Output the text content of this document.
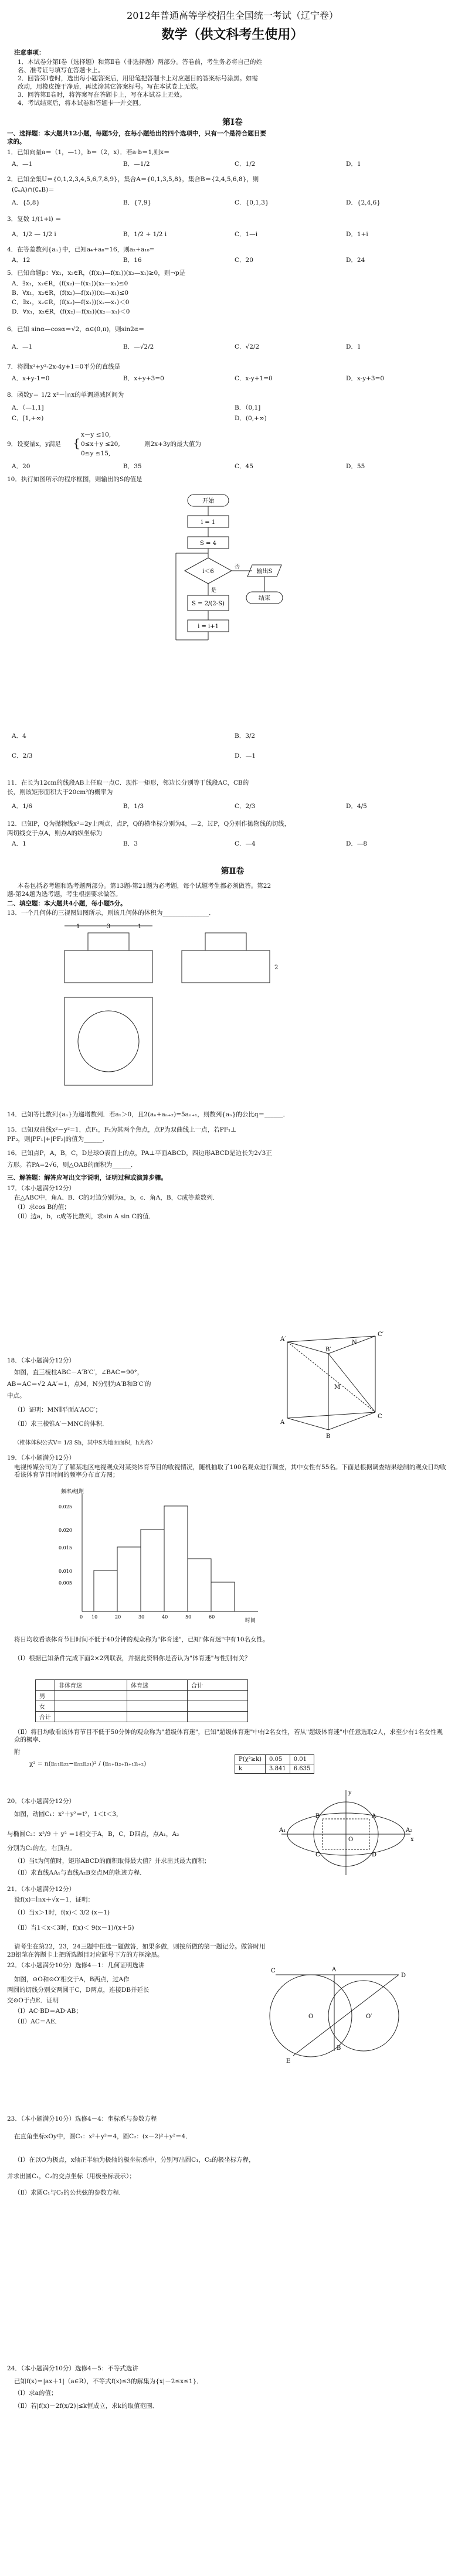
2012年普通高等学校招生全国统一考试（辽宁卷）
数学（供文科考生使用）
注意事项：
1．本试卷分第Ⅰ卷（选择题）和第Ⅱ卷（非选择题）两部分。答卷前，考生务必将自己的姓
名、准考证号填写在答题卡上。
2．回答第Ⅰ卷时，选出每小题答案后，用铅笔把答题卡上对应题目的答案标号涂黑。如需
改动，用橡皮擦干净后，再选涂其它答案标号。写在本试卷上无效。
3．回答第Ⅱ卷时，将答案写在答题卡上，写在本试卷上无效。
4．考试结束后，将本试卷和答题卡一并交回。
第Ⅰ卷
一、选择题：本大题共12小题，每题5分，在每小题给出的四个选项中，只有一个是符合题目要
求的。
1．已知向量a＝（1，—1），b＝（2，x）．若a·b＝1,则x＝
A．—1	B．—1/2	C．1/2	D．1
2．已知全集U＝{0,1,2,3,4,5,6,7,8,9}，集合A＝{0,1,3,5,8}，集合B＝{2,4,5,6,8}，则
(∁ᵤA)∩(∁ᵤB)＝
A．{5,8}	B．{7,9}	C．{0,1,3}	D．{2,4,6}
3．复数 1/(1+i) ＝
A．1/2 — 1/2 i	B．1/2 + 1/2 i	C．1—i	D．1+i
4．在等差数列{aₙ}中，已知a₄+a₈=16，则a₂+a₁₀=
A．12	B．16	C．20	D．24
5．已知命题p：∀x₁，x₂∈R，(f(x₂)—f(x₁))(x₂—x₁)≥0，则¬p是
A．∃x₁，x₂∈R，(f(x₂)—f(x₁))(x₂—x₁)≤0
B．∀x₁，x₂∈R，(f(x₂)—f(x₁))(x₂—x₁)≤0
C．∃x₁，x₂∈R，(f(x₂)—f(x₁))(x₂—x₁)＜0
D．∀x₁，x₂∈R，(f(x₂)—f(x₁))(x₂—x₁)＜0
6．已知 sinα—cosα＝√2，α∈(0,π)，则sin2α＝
A．—1	B．—√2/2	C．√2/2	D．1
7．将圆x²+y²-2x-4y+1=0平分的直线是
A．x+y-1=0	B．x+y+3=0	C．x-y+1=0	D．x-y+3=0
8．函数y＝ 1/2 x²－㏑x的单调递减区间为
A．（—1,1]	B．（0,1]
C．[1,+∞)	D．(0,+∞)
9．设变量x，y满足 {
x－y ≤10,
0≤x＋y ≤20,
0≤y ≤15,
则2x+3y的最大值为
A．20	B．35	C．45	D．55
10．执行如图所示的程序框图，则输出的S的值是
开始
i = 1
S = 4
i＜6
是
否
S = 2/(2-S)
i = i+1
输出S
结束
A．4	B．3/2
C．2/3	D．—1
11．在长为12cm的线段AB上任取一点C．现作一矩形，邻边长分别等于线段AC，CB的
长，则该矩形面积大于20cm²的概率为
A．1/6	B．1/3	C．2/3	D．4/5
12．已知P，Q为抛物线x²=2y上两点，点P，Q的横坐标分别为4，—2，过P，Q分别作抛物线的切线，
两切线交于点A，则点A的纵坐标为
A．1	B．3	C．—4	D．—8
第Ⅱ卷
本卷包括必考题和选考题两部分。第13题-第21题为必考题，每个试题考生都必须做答。第22
题-第24题为选考题，考生根据要求做答。
二、填空题：本大题共4小题，每小题5分。
13．一个几何体的三视图如图所示，则该几何体的体积为_______________．
3
1	1
2
14．已知等比数列{aₙ}为递增数列．若a₁＞0，且2(aₙ+aₙ₊₂)=5aₙ₊₁，则数列{aₙ}的公比q＝______．
15．已知双曲线x²－y²=1，点F₁，F₂为其两个焦点，点P为双曲线上一点，若PF₁⊥
PF₂，则|PF₁|+|PF₂|的值为______．
16．已知点P，A，B，C，D是球O表面上的点，PA⊥平面ABCD，四边形ABCD是边长为2√3正
方形。若PA=2√6，则△OAB的面积为______．
三、解答题：解答应写出文字说明，证明过程或演算步骤。
17．（本小题满分12分）
在△ABC中，角A、B、C的对边分别为a，b，c．角A，B，C成等差数列．
（Ⅰ）求cos B的值；
（Ⅱ）边a，b，c成等比数列，求sin A sin C的值．
18．（本小题满分12分）
如图，直三棱柱ABC－A′B′C′，∠BAC＝90°，
AB＝AC＝√2 AA′＝1，点M，N分别为A′B和B′C′的
中点。
（Ⅰ）证明：MN∥平面A′ACC′；
（Ⅱ）求三棱锥A′－MNC的体积．
（椎体体积公式V= 1/3 Sh，其中S为地面面积，h为高）
A′
B′
C′
N
M
A
B
C
19．（本小题满分12分）
电视传媒公司为了了解某地区电视观众对某类体育节目的收视情况，随机抽取了100名观众进行调查，其中女性有55名。下面是根据调查结果绘制的观众日均收看该体育节目时间的频率分布直方图；
频率/组距
时间
0.025
0.020
0.015
0.010
0.005
0 10	20	30	40	50	60
将日均收看该体育节目时间不低于40分钟的观众称为"体育迷"，已知"体育迷"中有10名女性。
（Ⅰ）根据已知条件完成下面2×2列联表，并据此资料你是否认为"体育迷"与性别有关？
	非体育迷	体育迷	合计
男			
女			
合计			
（Ⅱ）将日均收看该体育节目不低于50分钟的观众称为"超级体育迷"，已知"超级体育迷"中有2名女性，若从"超级体育迷"中任意选取2人，求至少有1名女性观众的概率．
附
χ² = n(n₁₁n₂₂−n₁₂n₂₁)² / (n₁₊n₂₊n₊₁n₊₂)
P(χ²≥k)	0.05	0.01
k	3.841	6.635
20．（本小题满分12分）
如图，动圆C₁：x²＋y²＝t²，1＜t＜3，
与椭圆C₂：x²/9 ＋ y² ＝1相交于A，B，C，D四点，点A₁，A₂
分别为C₂的左，右顶点。
（Ⅰ）当t为何值时，矩形ABCD的面积取得最大值？并求出其最大面积；
（Ⅱ）求直线AA₁与直线A₂B交点M的轨迹方程．
y
A
B
C	D
A₁	A₂
O	x
21．（本小题满分12分）
设f(x)=㏑x＋√x－1，证明：
（Ⅰ）当x＞1时，f(x)＜ 3/2 (x－1)
（Ⅱ）当1＜x＜3时，f(x)＜ 9(x－1)/(x＋5)
请考生在第22，23，24三题中任选一题做答，如果多做，则按所做的第一题记分。做答时用
2B铅笔在答题卡上把所选题目对应题号下方的方框涂黑。
22．（本小题满分10分）选修4－1：几何证明选讲
如图，⊙O和⊙O′相交于A，B两点，过A作
两圆的切线分别交两圆于C，D两点，连接DB并延长
交⊙O于点E．证明
（Ⅰ）AC·BD＝AD·AB；
（Ⅱ）AC＝AE．
C	A
D
O	O′
B
E
23．（本小题满分10分）选修4－4：坐标系与参数方程
在直角坐标xOy中，圆C₁：x²＋y²＝4，圆C₂：(x－2)²＋y²＝4．
（Ⅰ）在以O为极点，x轴正半轴为极轴的极坐标系中，分别写出圆C₁，C₂的极坐标方程，
并求出圆C₁，C₂的交点坐标（用极坐标表示）；
（Ⅱ）求圆C₁与C₂的公共弦的参数方程．
24．（本小题满分10分）选修4－5：不等式选讲
已知f(x)＝|ax＋1|（a∈R），不等式f(x)≤3的解集为{x|－2≤x≤1}．
（Ⅰ）求a的值；
（Ⅱ）若|f(x)－2f(x/2)|≤k恒成立，求k的取值范围．
